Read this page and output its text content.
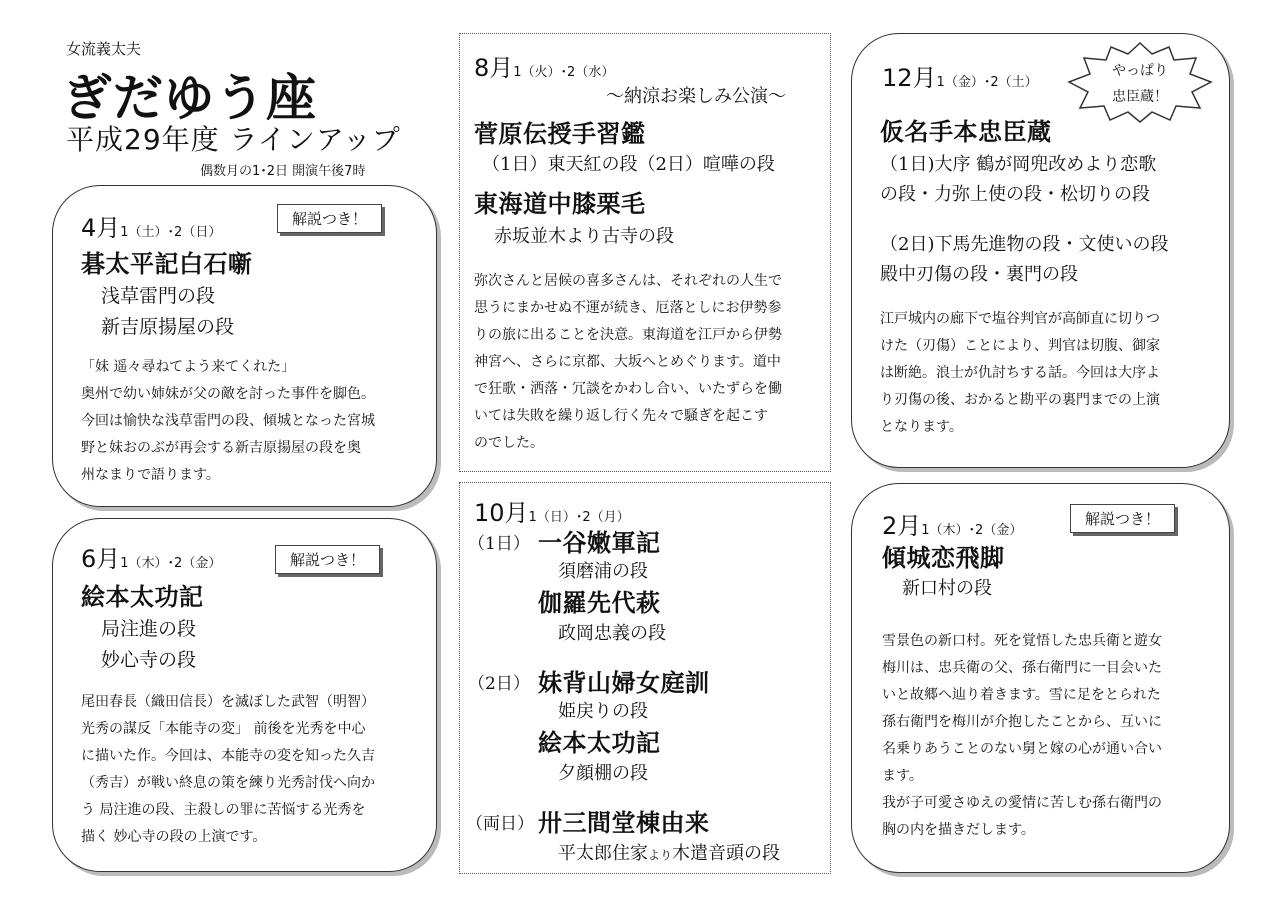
女流義太夫
ぎだゆう座
平成29年度 ラインアップ
偶数月の1･2日 開演午後7時
4月1（土）･2（日）
解説つき！
碁太平記白石噺
浅草雷門の段
新吉原揚屋の段

「妹 遥々尋ねてよう来てくれた」

奥州で幼い姉妹が父の敵を討った事件を脚色。

今回は愉快な浅草雷門の段、傾城となった宮城

野と妹おのぶが再会する新吉原揚屋の段を奥

州なまりで語ります。

6月1（木）･2（金）	解説つき！
絵本太功記
局注進の段
妙心寺の段

尾田春長（織田信長）を滅ぼした武智（明智）

光秀の謀反「本能寺の変」 前後を光秀を中心

に描いた作。今回は、本能寺の変を知った久吉

（秀吉）が戦い終息の策を練り光秀討伐へ向か

う 局注進の段、主殺しの罪に苦悩する光秀を

描く 妙心寺の段の上演です。

8月1（火）･2（水）
～納涼お楽しみ公演～
菅原伝授手習鑑
（1日）東天紅の段（2日）喧嘩の段
東海道中膝栗毛
赤坂並木より古寺の段

弥次さんと居候の喜多さんは、それぞれの人生で

思うにまかせぬ不運が続き、厄落としにお伊勢参

りの旅に出ることを決意。東海道を江戸から伊勢

神宮へ、さらに京都、大坂へとめぐります。道中

で狂歌・洒落・冗談をかわし合い、いたずらを働

いては失敗を繰り返し行く先々で騒ぎを起こす

のでした。

10月1（日）･2（月）
（1日） 一谷嫩軍記
須磨浦の段
伽羅先代萩
政岡忠義の段
（2日） 妹背山婦女庭訓
姫戻りの段
絵本太功記
夕顔棚の段
（両日） 卅三間堂棟由来
平太郎住家より木遣音頭の段
12月1（金）･2（土）
仮名手本忠臣蔵
（1日)大序 鶴が岡兜改めより恋歌
の段・力弥上使の段・松切りの段
（2日)下馬先進物の段・文使いの段
殿中刃傷の段・裏門の段

江戸城内の廊下で塩谷判官が高師直に切りつ

けた（刃傷）ことにより、判官は切腹、御家

は断絶。浪士が仇討ちする話。今回は大序よ

り刃傷の後、おかると勘平の裏門までの上演

となります。

やっぱり
忠臣蔵！
2月1（木）･2（金）
解説つき！
傾城恋飛脚
新口村の段

雪景色の新口村。死を覚悟した忠兵衛と遊女

梅川は、忠兵衛の父、孫右衛門に一目会いた

いと故郷へ辿り着きます。雪に足をとられた

孫右衛門を梅川が介抱したことから、互いに

名乗りあうことのない舅と嫁の心が通い合い

ます。

我が子可愛さゆえの愛情に苦しむ孫右衛門の

胸の内を描きだします。
